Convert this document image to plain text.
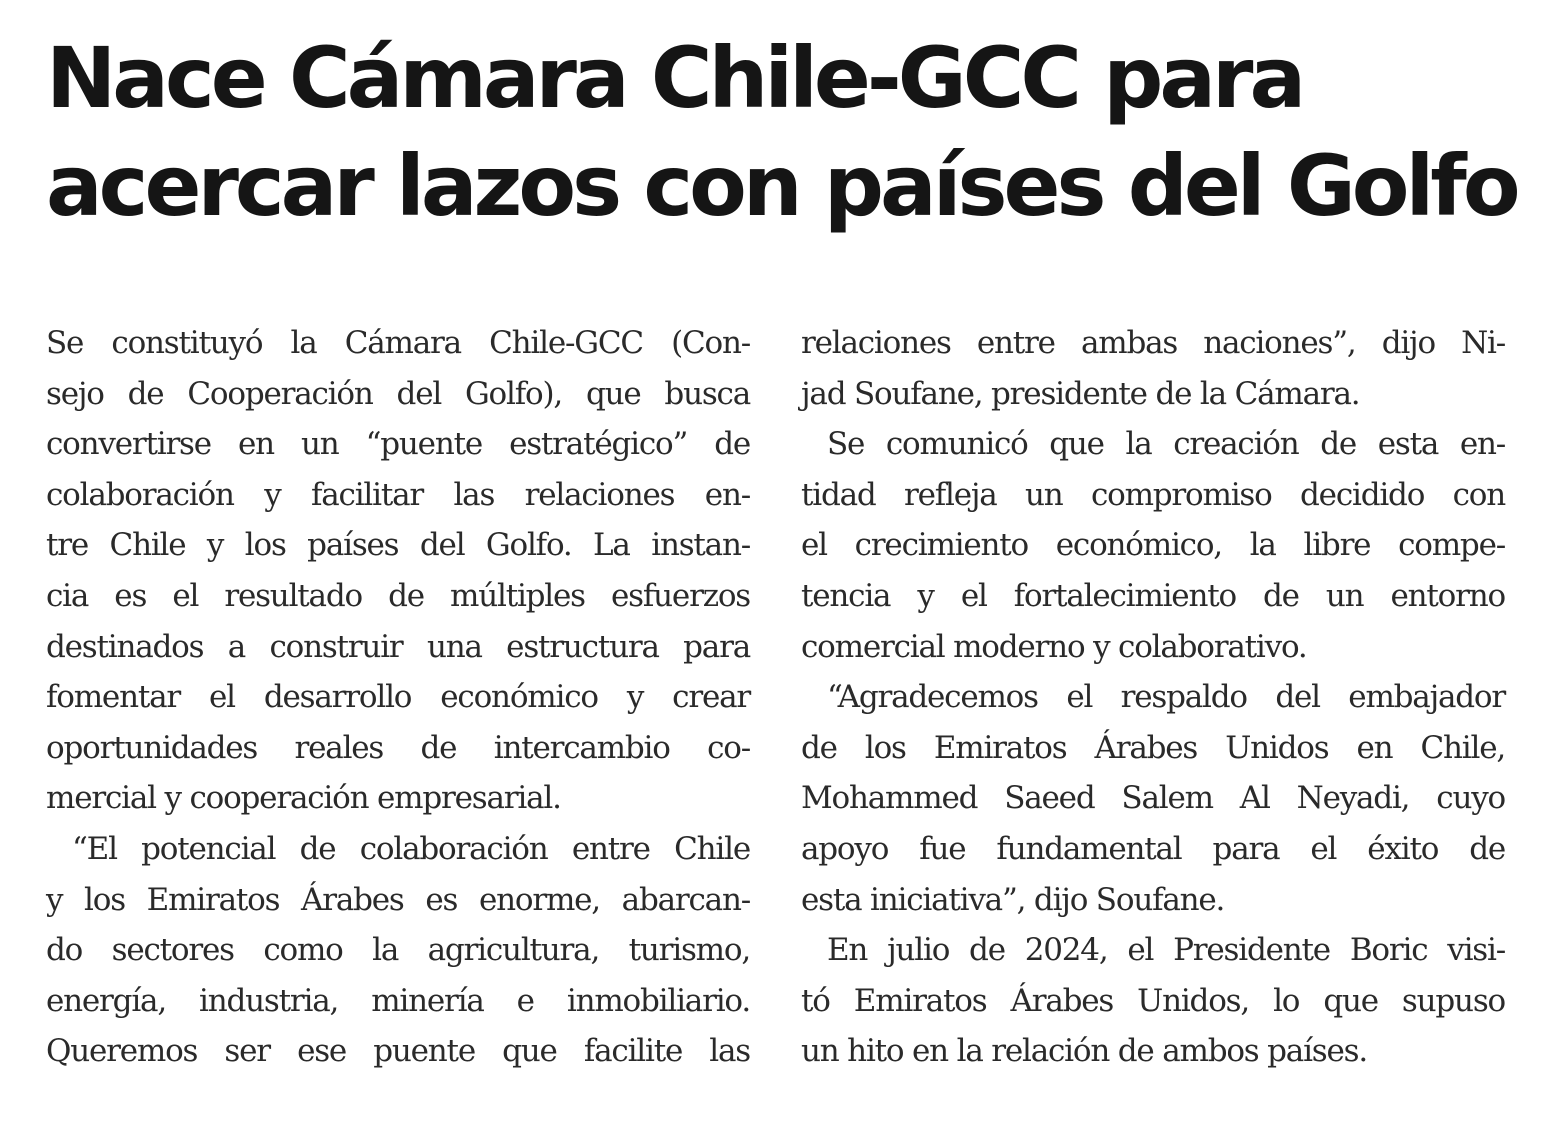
Nace Cámara Chile-GCC para
acercar lazos con países del Golfo

Se constituyó la Cámara Chile-GCC (Con-

sejo de Cooperación del Golfo), que busca

convertirse en un “puente estratégico” de

colaboración y facilitar las relaciones en-

tre Chile y los países del Golfo. La instan-

cia es el resultado de múltiples esfuerzos

destinados a construir una estructura para

fomentar el desarrollo económico y crear

oportunidades reales de intercambio co-

mercial y cooperación empresarial.

“El potencial de colaboración entre Chile

y los Emiratos Árabes es enorme, abarcan-

do sectores como la agricultura, turismo,

energía, industria, minería e inmobiliario.

Queremos ser ese puente que facilite las

relaciones entre ambas naciones”, dijo Ni-

jad Soufane, presidente de la Cámara.

Se comunicó que la creación de esta en-

tidad refleja un compromiso decidido con

el crecimiento económico, la libre compe-

tencia y el fortalecimiento de un entorno

comercial moderno y colaborativo.

“Agradecemos el respaldo del embajador

de los Emiratos Árabes Unidos en Chile,

Mohammed Saeed Salem Al Neyadi, cuyo

apoyo fue fundamental para el éxito de

esta iniciativa”, dijo Soufane.

En julio de 2024, el Presidente Boric visi-

tó Emiratos Árabes Unidos, lo que supuso

un hito en la relación de ambos países.
